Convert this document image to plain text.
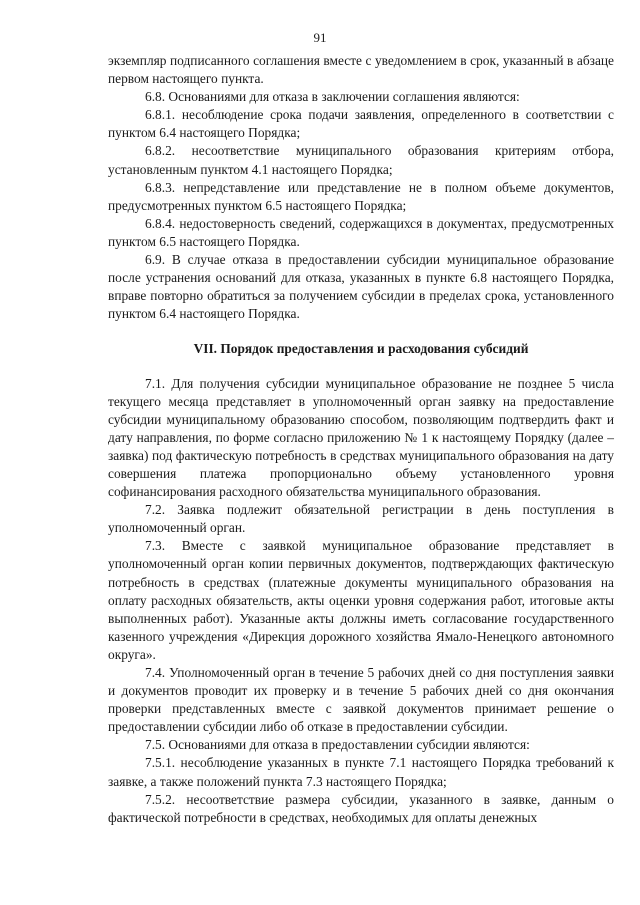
91

экземпляр подписанного соглашения вместе с уведомлением в срок, указанный в абзаце первом настоящего пункта.

6.8. Основаниями для отказа в заключении соглашения являются:

6.8.1. несоблюдение срока подачи заявления, определенного в соответствии с пунктом 6.4 настоящего Порядка;

6.8.2. несоответствие муниципального образования критериям отбора, установленным пунктом 4.1 настоящего Порядка;

6.8.3. непредставление или представление не в полном объеме документов, предусмотренных пунктом 6.5 настоящего Порядка;

6.8.4. недостоверность сведений, содержащихся в документах, предусмотренных пунктом 6.5 настоящего Порядка.

6.9. В случае отказа в предоставлении субсидии муниципальное образование после устранения оснований для отказа, указанных в пункте 6.8 настоящего Порядка, вправе повторно обратиться за получением субсидии в пределах срока, установленного пунктом 6.4 настоящего Порядка.

VII. Порядок предоставления и расходования субсидий

7.1. Для получения субсидии муниципальное образование не позднее 5 числа текущего месяца представляет в уполномоченный орган заявку на предоставление субсидии муниципальному образованию способом, позволяющим подтвердить факт и дату направления, по форме согласно приложению № 1 к настоящему Порядку (далее – заявка) под фактическую потребность в средствах муниципального образования на дату совершения платежа пропорционально объему установленного уровня софинансирования расходного обязательства муниципального образования.

7.2. Заявка подлежит обязательной регистрации в день поступления в уполномоченный орган.

7.3. Вместе с заявкой муниципальное образование представляет в уполномоченный орган копии первичных документов, подтверждающих фактическую потребность в средствах (платежные документы муниципального образования на оплату расходных обязательств, акты оценки уровня содержания работ, итоговые акты выполненных работ). Указанные акты должны иметь согласование государственного казенного учреждения «Дирекция дорожного хозяйства Ямало-Ненецкого автономного округа».

7.4. Уполномоченный орган в течение 5 рабочих дней со дня поступления заявки и документов проводит их проверку и в течение 5 рабочих дней со дня окончания проверки представленных вместе с заявкой документов принимает решение о предоставлении субсидии либо об отказе в предоставлении субсидии.

7.5. Основаниями для отказа в предоставлении субсидии являются:

7.5.1. несоблюдение указанных в пункте 7.1 настоящего Порядка требований к заявке, а также положений пункта 7.3 настоящего Порядка;

7.5.2. несоответствие размера субсидии, указанного в заявке, данным о фактической потребности в средствах, необходимых для оплаты денежных
